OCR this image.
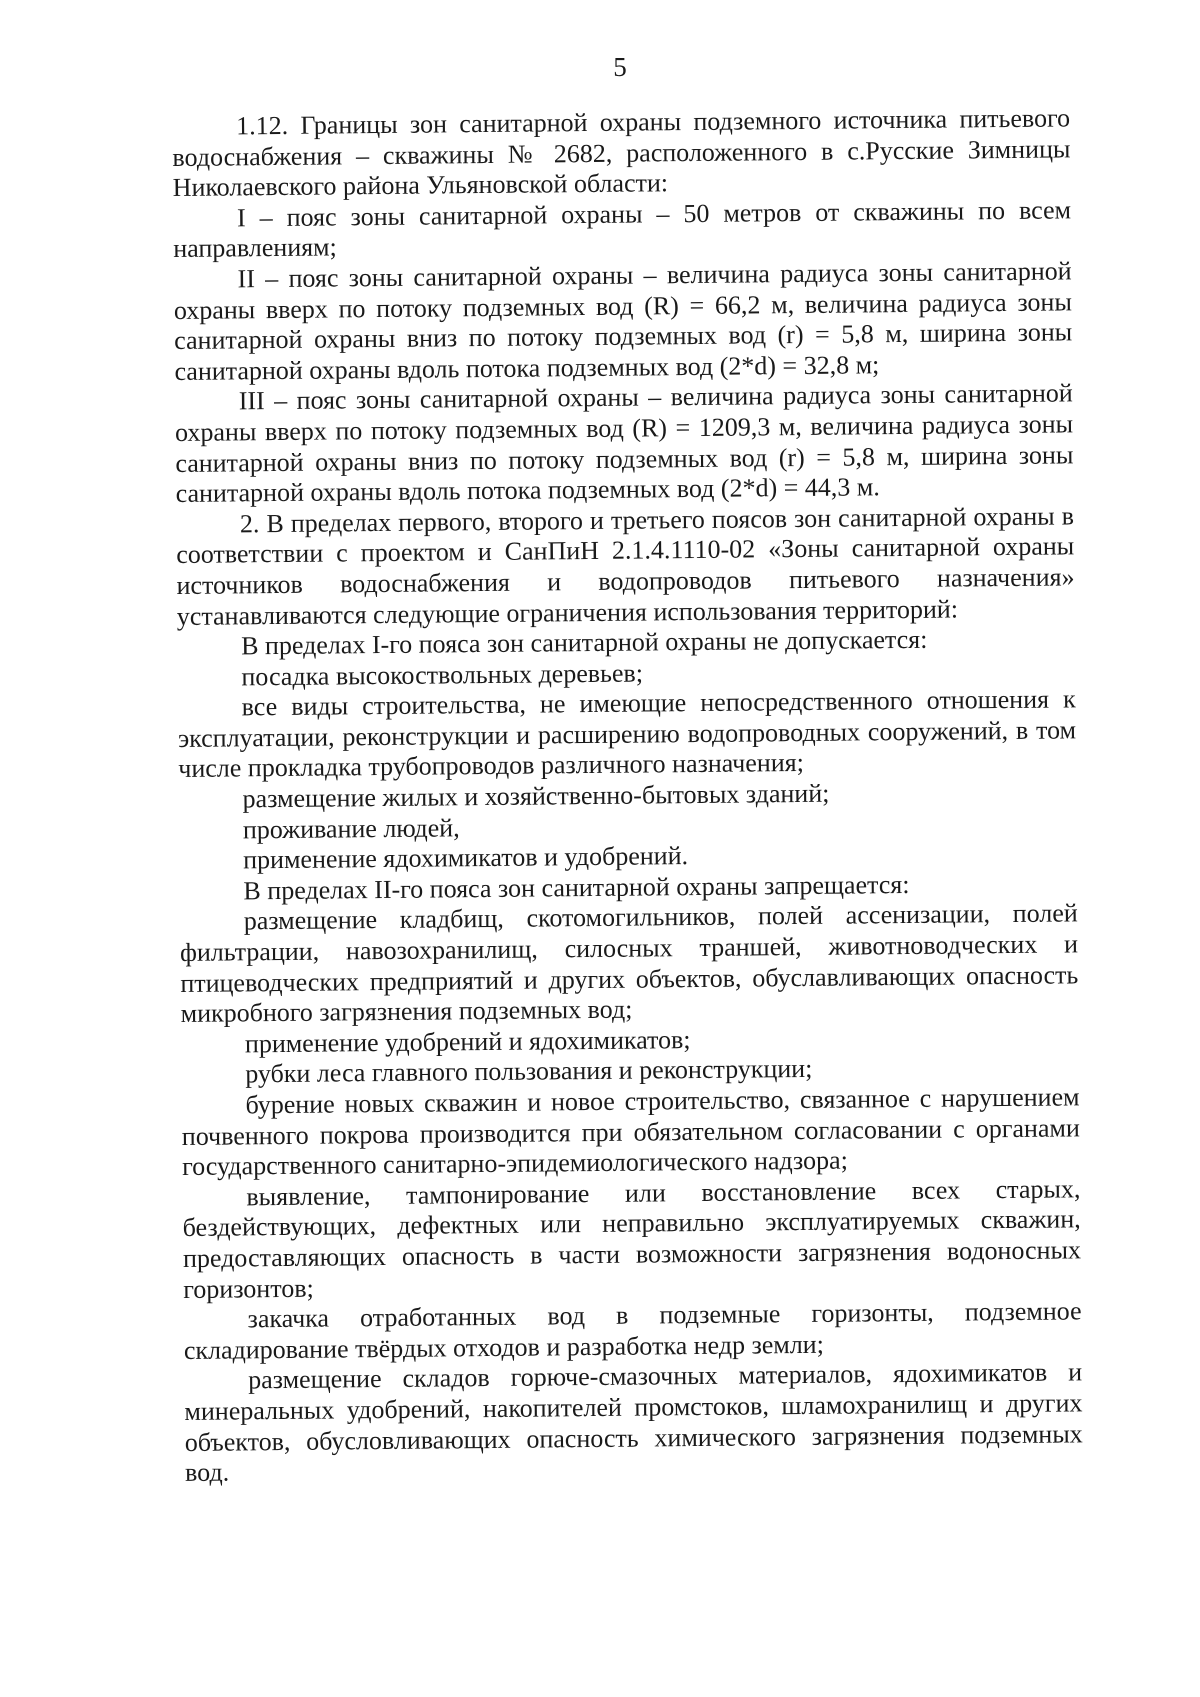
5

1.12. Границы зон санитарной охраны подземного источника питьевого водоснабжения – скважины № 2682, расположенного в с.Русские Зимницы Николаевского района Ульяновской области:

I – пояс зоны санитарной охраны – 50 метров от скважины по всем направлениям;

II – пояс зоны санитарной охраны – величина радиуса зоны санитарной охраны вверх по потоку подземных вод (R) = 66,2 м, величина радиуса зоны санитарной охраны вниз по потоку подземных вод (r) = 5,8 м, ширина зоны санитарной охраны вдоль потока подземных вод (2*d) = 32,8 м;

III – пояс зоны санитарной охраны – величина радиуса зоны санитарной охраны вверх по потоку подземных вод (R) = 1209,3 м, величина радиуса зоны санитарной охраны вниз по потоку подземных вод (r) = 5,8 м, ширина зоны санитарной охраны вдоль потока подземных вод (2*d) = 44,3 м.

2. В пределах первого, второго и третьего поясов зон санитарной охраны в соответствии с проектом и СанПиН 2.1.4.1110-02 «Зоны санитарной охраны источников водоснабжения и водопроводов питьевого назначения» устанавливаются следующие ограничения использования территорий:

В пределах I-го пояса зон санитарной охраны не допускается:

посадка высокоствольных деревьев;

все виды строительства, не имеющие непосредственного отношения к эксплуатации, реконструкции и расширению водопроводных сооружений, в том числе прокладка трубопроводов различного назначения;

размещение жилых и хозяйственно-бытовых зданий;

проживание людей,

применение ядохимикатов и удобрений.

В пределах II-го пояса зон санитарной охраны запрещается:

размещение кладбищ, скотомогильников, полей ассенизации, полей фильтрации, навозохранилищ, силосных траншей, животноводческих и птицеводческих предприятий и других объектов, обуславливающих опасность микробного загрязнения подземных вод;

применение удобрений и ядохимикатов;

рубки леса главного пользования и реконструкции;

бурение новых скважин и новое строительство, связанное с нарушением почвенного покрова производится при обязательном согласовании с органами государственного санитарно-эпидемиологического надзора;

выявление, тампонирование или восстановление всех старых, бездействующих, дефектных или неправильно эксплуатируемых скважин, предоставляющих опасность в части возможности загрязнения водоносных горизонтов;

закачка отработанных вод в подземные горизонты, подземное складирование твёрдых отходов и разработка недр земли;

размещение складов горюче-смазочных материалов, ядохимикатов и минеральных удобрений, накопителей промстоков, шламохранилищ и других объектов, обусловливающих опасность химического загрязнения подземных вод.
